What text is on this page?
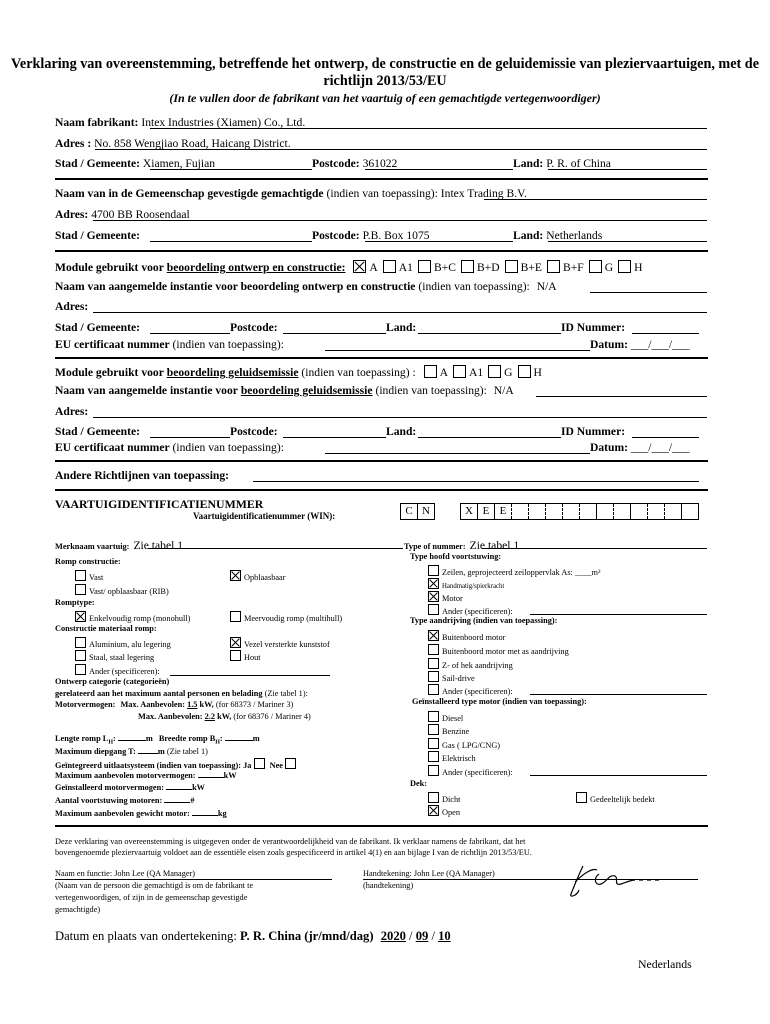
Verklaring van overeenstemming, betreffende het ontwerp, de constructie en de geluidemissie van pleziervaartuigen, met de richtlijn 2013/53/EU
(In te vullen door de fabrikant van het vaartuig of een gemachtigde vertegenwoordiger)
Naam fabrikant: Intex Industries (Xiamen) Co., Ltd.
Adres : No. 858 Wengjiao Road, Haicang District.
Stad / Gemeente: Xiamen, Fujian	Postcode: 361022	Land: P. R. of China
Naam van in de Gemeenschap gevestigde gemachtigde (indien van toepassing): Intex Trading B.V.
Adres: 4700 BB Roosendaal
Stad / Gemeente:	Postcode: P.B. Box 1075	Land: Netherlands
Module gebruikt voor beoordeling ontwerp en constructie: A A1 B+C B+D B+E B+F G H
Naam van aangemelde instantie voor beoordeling ontwerp en constructie (indien van toepassing): N/A
Adres:
Stad / Gemeente:	Postcode:	Land:	ID Nummer:
EU certificaat nummer (indien van toepassing):	Datum: ___/___/___
Module gebruikt voor beoordeling geluidsemissie (indien van toepassing) : A A1 G H
Naam van aangemelde instantie voor beoordeling geluidsemissie (indien van toepassing): N/A
Adres:
Stad / Gemeente:	Postcode:	Land:	ID Nummer:
EU certificaat nummer (indien van toepassing):	Datum: ___/___/___
Andere Richtlijnen van toepassing:
VAARTUIGIDENTIFICATIENUMMER
Vaartuigidentificatienummer (WIN):	C N	X E E
Merknaam vaartuig: Zie tabel 1	Type of nummer: Zie tabel 1
Romp constructie:
Vast	Opblaasbaar
Vast/ opblaasbaar (RIB)
Romptype:
Enkelvoudig romp (monohull)	Meervoudig romp (multihull)
Constructie materiaal romp:
Aluminium, alu legering	Vezel versterkte kunststof
Staal, staal legering	Hout
Ander (specificeren):
Ontwerp categorie (categorieën)
gerelateerd aan het maximum aantal personen en belading (Zie tabel 1):
Motorvermogen: Max. Aanbevolen: 1.5 kW, (for 68373 / Mariner 3)
Max. Aanbevolen: 2.2 kW, (for 68376 / Mariner 4)
Lengte romp $L_H$:	m Breedte romp $B_H$:	m
Maximum diepgang T:	m (Zie tabel 1)
Geïntegreerd uitlaatsysteem (indien van toepassing): Ja Nee
Maximum aanbevolen motorvermogen:	kW
Geïnstalleerd motorvermogen:	kW
Aantal voortstuwing motoren:	#
Maximum aanbevolen gewicht motor:	kg
Type hoofd voortstuwing:
Zeilen, geprojecteerd zeiloppervlak As: ____m²
Handmatig/spierkracht
Motor
Ander (specificeren):
Type aandrijving (indien van toepassing):
Buitenboord motor
Buitenboord motor met as aandrijving
Z- of hek aandrijving
Sail-drive
Ander (specificeren):
Geïnstalleerd type motor (indien van toepassing):
Diesel
Benzine
Gas ( LPG/CNG)
Elektrisch
Ander (specificeren):
Dek:
Dicht	Gedeeltelijk bedekt
Open
Deze verklaring van overeenstemming is uitgegeven onder de verantwoordelijkheid van de fabrikant. Ik verklaar namens de fabrikant, dat het
bovengenoemde pleziervaartuig voldoet aan de essentiële eisen zoals gespecificeerd in artikel 4(1) en aan bijlage I van de richtlijn 2013/53/EU.
Naam en functie: John Lee (QA Manager)
(Naam van de persoon die gemachtigd is om de fabrikant te
vertegenwoordigen, of zijn in de gemeenschap gevestigde
gemachtigde)
Handtekening: John Lee (QA Manager)
(handtekening)
Datum en plaats van ondertekening: P. R. China (jr/mnd/dag) 2020 / 09 / 10
Nederlands
